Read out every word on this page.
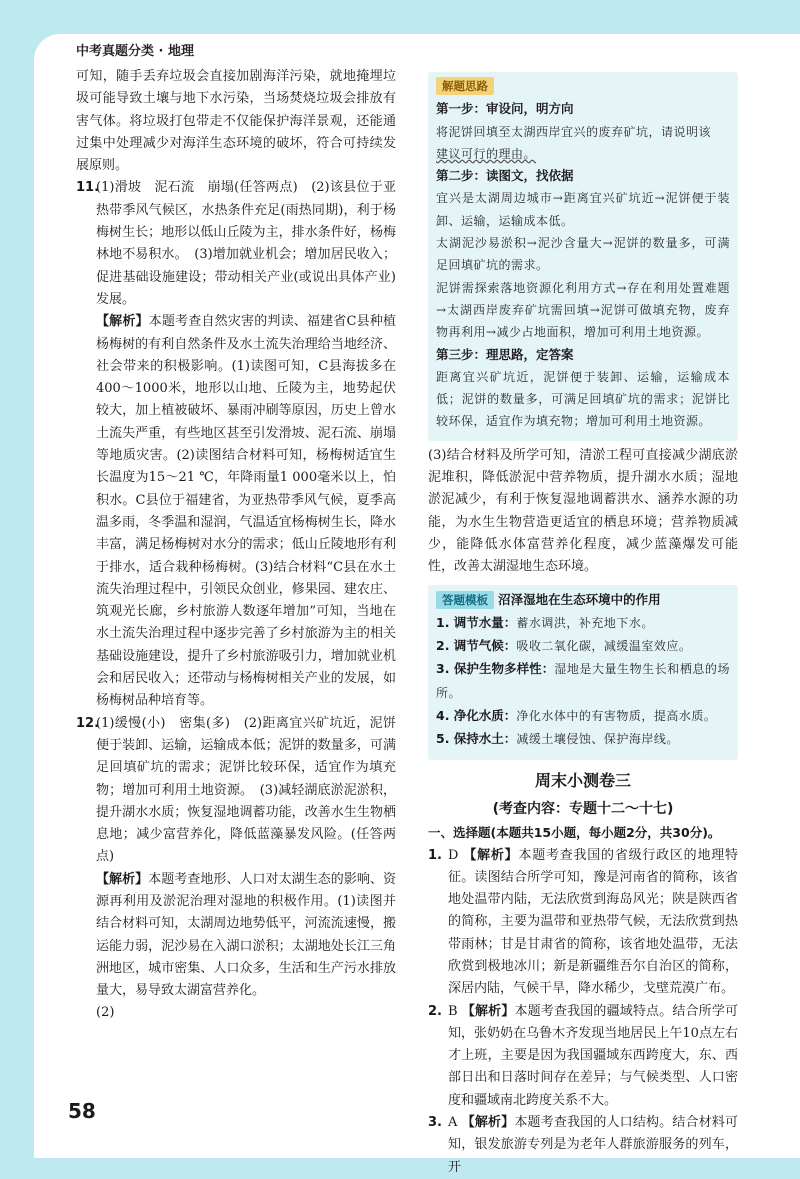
中考真题分类 · 地理

可知，随手丢弃垃圾会直接加剧海洋污染，就地掩埋垃圾可能导致土壤与地下水污染，当场焚烧垃圾会排放有害气体。将垃圾打包带走不仅能保护海洋景观，还能通过集中处理减少对海洋生态环境的破坏，符合可持续发展原则。

11.(1)滑坡　泥石流　崩塌(任答两点)　(2)该县位于亚热带季风气候区，水热条件充足(雨热同期)，利于杨梅树生长；地形以低山丘陵为主，排水条件好，杨梅林地不易积水。　(3)增加就业机会；增加居民收入；促进基础设施建设；带动相关产业(或说出具体产业)发展。

【解析】本题考查自然灾害的判读、福建省C县种植杨梅树的有利自然条件及水土流失治理给当地经济、社会带来的积极影响。(1)读图可知，C县海拔多在400～1000米，地形以山地、丘陵为主，地势起伏较大，加上植被破坏、暴雨冲刷等原因，历史上曾水土流失严重，有些地区甚至引发滑坡、泥石流、崩塌等地质灾害。(2)读图结合材料可知，杨梅树适宜生长温度为15～21 ℃，年降雨量1 000毫米以上，怕积水。C县位于福建省，为亚热带季风气候，夏季高温多雨，冬季温和湿润，气温适宜杨梅树生长，降水丰富，满足杨梅树对水分的需求；低山丘陵地形有利于排水，适合栽种杨梅树。(3)结合材料“C县在水土流失治理过程中，引领民众创业，修果园、建农庄、筑观光长廊，乡村旅游人数逐年增加”可知，当地在水土流失治理过程中逐步完善了乡村旅游为主的相关基础设施建设，提升了乡村旅游吸引力，增加就业机会和居民收入；还带动与杨梅树相关产业的发展，如杨梅树品种培育等。

12.(1)缓慢(小)　密集(多)　(2)距离宜兴矿坑近，泥饼便于装卸、运输，运输成本低；泥饼的数量多，可满足回填矿坑的需求；泥饼比较环保，适宜作为填充物；增加可利用土地资源。　(3)减轻湖底淤泥淤积，提升湖水水质；恢复湿地调蓄功能，改善水生生物栖息地；减少富营养化，降低蓝藻暴发风险。(任答两点)

【解析】本题考查地形、人口对太湖生态的影响、资源再利用及淤泥治理对湿地的积极作用。(1)读图并结合材料可知，太湖周边地势低平，河流流速慢，搬运能力弱，泥沙易在入湖口淤积；太湖地处长江三角洲地区，城市密集、人口众多，生活和生产污水排放量大，易导致太湖富营养化。

(2)

解题思路
第一步：审设问，明方向
将泥饼回填至太湖西岸宜兴的废弃矿坑，请说明该
建议可行的理由。
第二步：读图文，找依据
宜兴是太湖周边城市→距离宜兴矿坑近→泥饼便于装卸、运输，运输成本低。
太湖泥沙易淤积→泥沙含量大→泥饼的数量多，可满足回填矿坑的需求。
泥饼需探索落地资源化利用方式→存在利用处置难题→太湖西岸废弃矿坑需回填→泥饼可做填充物，废弃物再利用→减少占地面积，增加可利用土地资源。
第三步：理思路，定答案
距离宜兴矿坑近，泥饼便于装卸、运输，运输成本低；泥饼的数量多，可满足回填矿坑的需求；泥饼比较环保，适宜作为填充物；增加可利用土地资源。

(3)结合材料及所学可知，清淤工程可直接减少湖底淤泥堆积，降低淤泥中营养物质，提升湖水水质；湿地淤泥减少，有利于恢复湿地调蓄洪水、涵养水源的功能，为水生生物营造更适宜的栖息环境；营养物质减少，能降低水体富营养化程度，减少蓝藻爆发可能性，改善太湖湿地生态环境。

答题模板 沼泽湿地在生态环境中的作用
1. 调节水量：蓄水调洪，补充地下水。
2. 调节气候：吸收二氧化碳，减缓温室效应。
3. 保护生物多样性：湿地是大量生物生长和栖息的场所。
4. 净化水质：净化水体中的有害物质，提高水质。
5. 保持水土：减缓土壤侵蚀、保护海岸线。
周末小测卷三
(考查内容：专题十二～十七)

一、选择题(本题共15小题，每小题2分，共30分)。

1. D 【解析】本题考查我国的省级行政区的地理特征。读图结合所学可知，豫是河南省的简称，该省地处温带内陆，无法欣赏到海岛风光；陕是陕西省的简称，主要为温带和亚热带气候，无法欣赏到热带雨林；甘是甘肃省的简称，该省地处温带，无法欣赏到极地冰川；新是新疆维吾尔自治区的简称，深居内陆，气候干旱，降水稀少，戈壁荒漠广布。

2. B 【解析】本题考查我国的疆域特点。结合所学可知，张奶奶在乌鲁木齐发现当地居民上午10点左右才上班，主要是因为我国疆域东西跨度大，东、西部日出和日落时间存在差异；与气候类型、人口密度和疆域南北跨度关系不大。

3. A 【解析】本题考查我国的人口结构。结合材料可知，银发旅游专列是为老年人群旅游服务的列车，开

58
